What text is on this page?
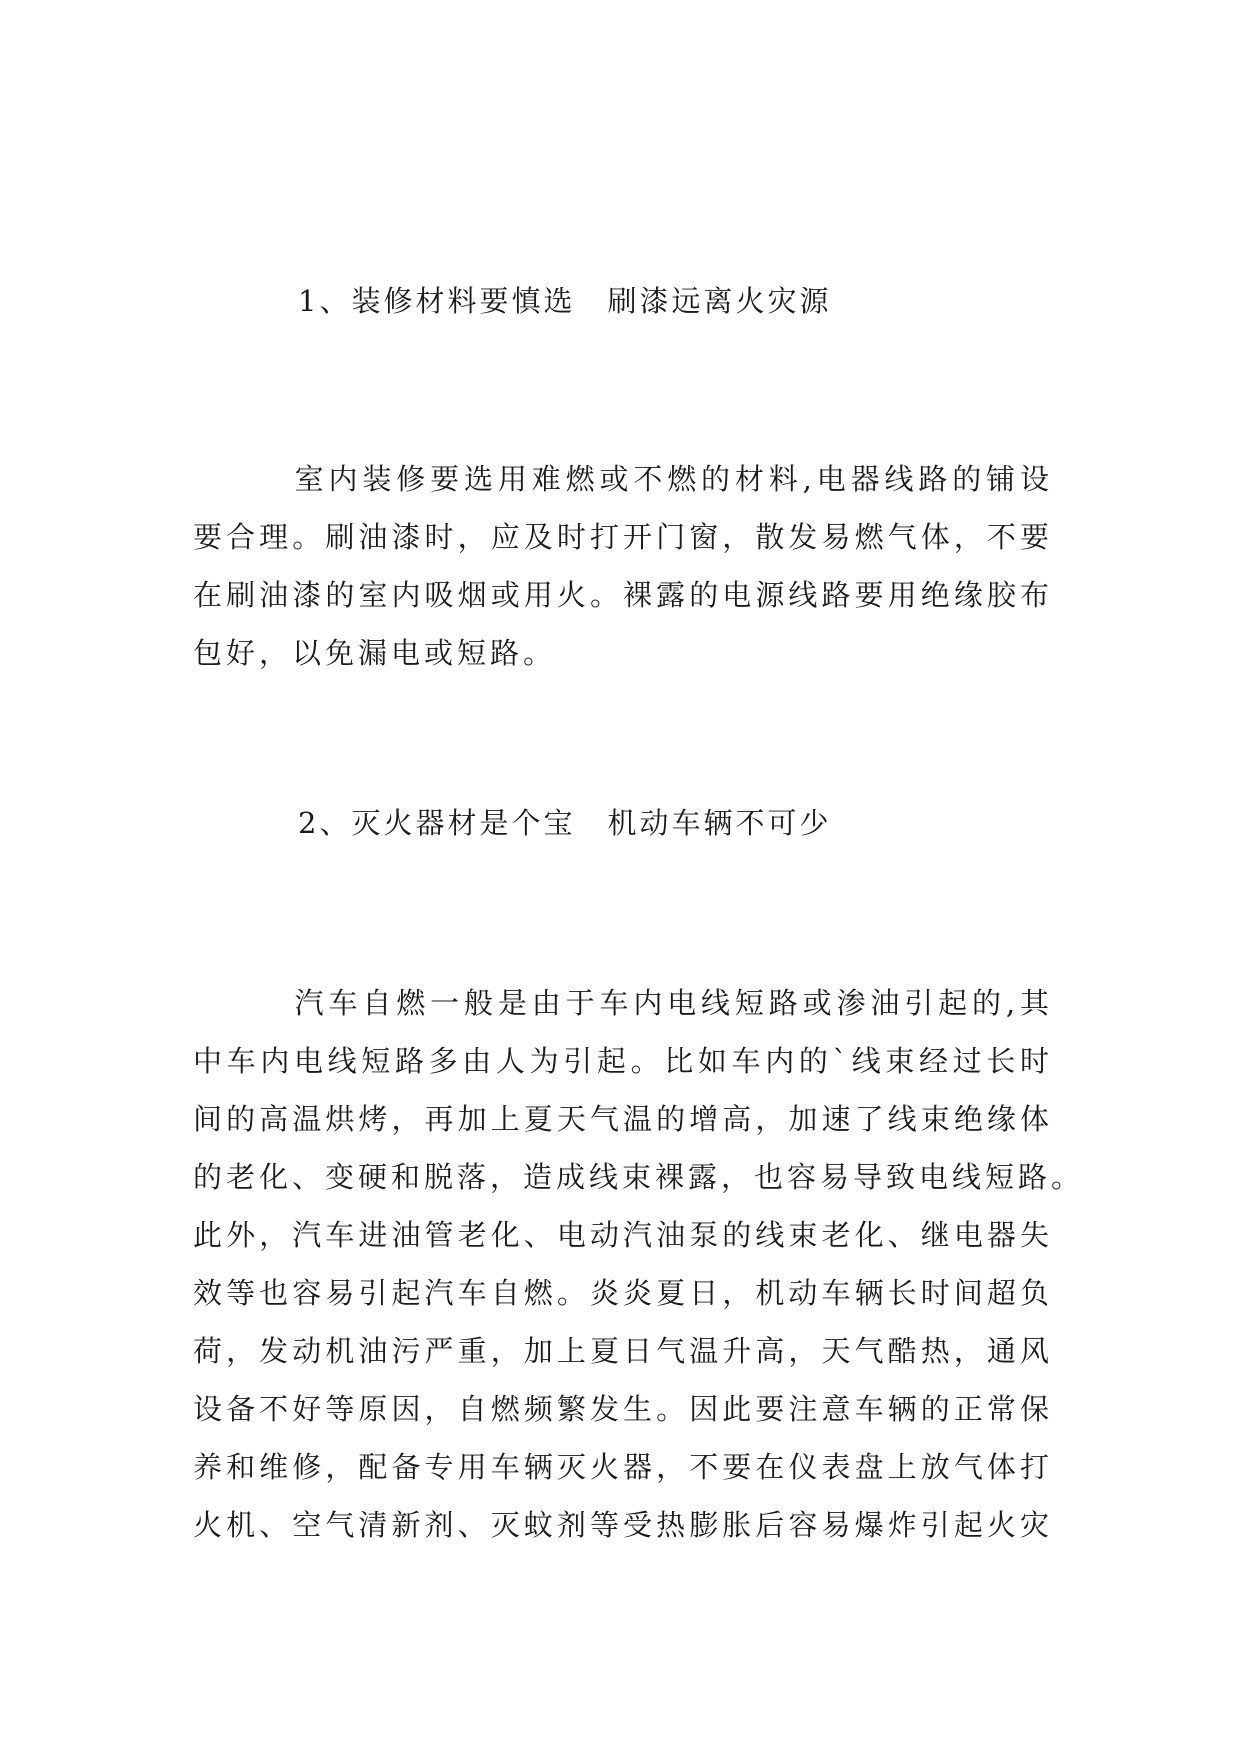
1、装修材料要慎选　刷漆远离火灾源
　　　室内装修要选用难燃或不燃的材料,电器线路的铺设
要合理。刷油漆时，应及时打开门窗，散发易燃气体，不要
在刷油漆的室内吸烟或用火。裸露的电源线路要用绝缘胶布
包好，以免漏电或短路。
2、灭火器材是个宝　机动车辆不可少
　　　汽车自燃一般是由于车内电线短路或渗油引起的,其
中车内电线短路多由人为引起。比如车内的`线束经过长时
间的高温烘烤，再加上夏天气温的增高，加速了线束绝缘体
的老化、变硬和脱落，造成线束裸露，也容易导致电线短路。
此外，汽车进油管老化、电动汽油泵的线束老化、继电器失
效等也容易引起汽车自燃。炎炎夏日，机动车辆长时间超负
荷，发动机油污严重，加上夏日气温升高，天气酷热，通风
设备不好等原因，自燃频繁发生。因此要注意车辆的正常保
养和维修，配备专用车辆灭火器，不要在仪表盘上放气体打
火机、空气清新剂、灭蚊剂等受热膨胀后容易爆炸引起火灾
